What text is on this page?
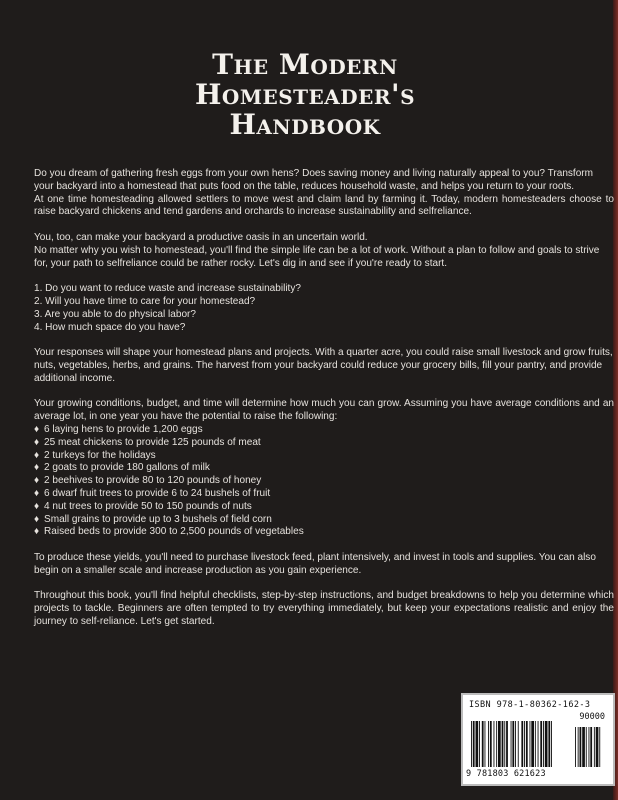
The Modern
Homesteader's
Handbook

Do you dream of gathering fresh eggs from your own hens? Does saving money and living naturally appeal to you? Transform your backyard into a homestead that puts food on the table, reduces household waste, and helps you return to your roots.

At one time homesteading allowed settlers to move west and claim land by farming it. Today, modern homesteaders choose to raise backyard chickens and tend gardens and orchards to increase sustainability and selfreliance.

You, too, can make your backyard a productive oasis in an uncertain world.

No matter why you wish to homestead, you'll find the simple life can be a lot of work. Without a plan to follow and goals to strive for, your path to selfreliance could be rather rocky. Let's dig in and see if you're ready to start.

1. Do you want to reduce waste and increase sustainability?
2. Will you have time to care for your homestead?
3. Are you able to do physical labor?
4. How much space do you have?

Your responses will shape your homestead plans and projects. With a quarter acre, you could raise small livestock and grow fruits, nuts, vegetables, herbs, and grains. The harvest from your backyard could reduce your grocery bills, fill your pantry, and provide additional income.

Your growing conditions, budget, and time will determine how much you can grow. Assuming you have average conditions and an average lot, in one year you have the potential to raise the following:

♦ 6 laying hens to provide 1,200 eggs
♦ 25 meat chickens to provide 125 pounds of meat
♦ 2 turkeys for the holidays
♦ 2 goats to provide 180 gallons of milk
♦ 2 beehives to provide 80 to 120 pounds of honey
♦ 6 dwarf fruit trees to provide 6 to 24 bushels of fruit
♦ 4 nut trees to provide 50 to 150 pounds of nuts
♦ Small grains to provide up to 3 bushels of field corn
♦ Raised beds to provide 300 to 2,500 pounds of vegetables

To produce these yields, you'll need to purchase livestock feed, plant intensively, and invest in tools and supplies. You can also begin on a smaller scale and increase production as you gain experience.

Throughout this book, you'll find helpful checklists, step-by-step instructions, and budget breakdowns to help you determine which projects to tackle. Beginners are often tempted to try everything immediately, but keep your expectations realistic and enjoy the journey to self-reliance. Let's get started.

ISBN 978-1-80362-162-3
90000
9 781803 621623
